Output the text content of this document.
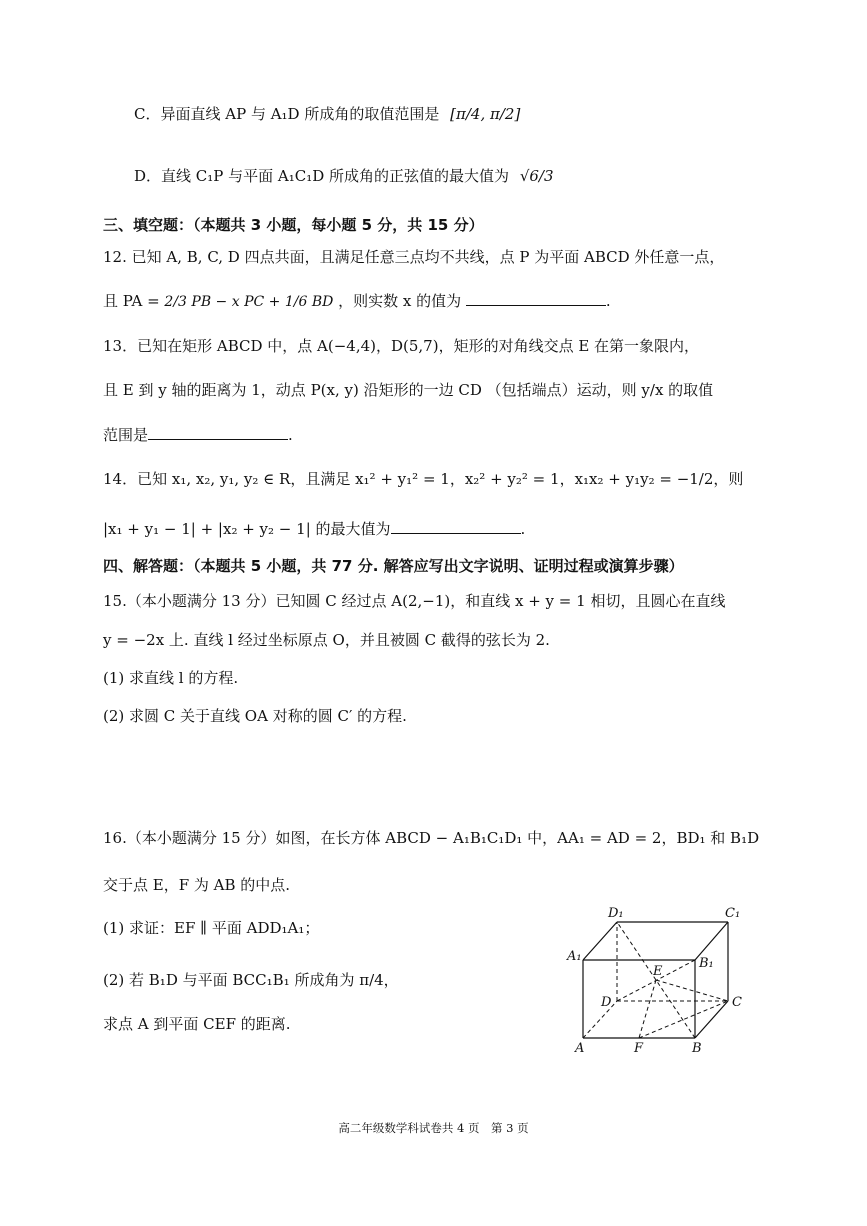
C．异面直线 AP 与 A₁D 所成角的取值范围是 [π/4, π/2]
D．直线 C₁P 与平面 A₁C₁D 所成角的正弦值的最大值为 √6/3
三、填空题：（本题共 3 小题，每小题 5 分，共 15 分）
12. 已知 A, B, C, D 四点共面，且满足任意三点均不共线，点 P 为平面 ABCD 外任意一点，
且 PA = 2/3 PB − x PC + 1/6 BD ，则实数 x 的值为	.
13．已知在矩形 ABCD 中，点 A(−4,4)，D(5,7)，矩形的对角线交点 E 在第一象限内，
且 E 到 y 轴的距离为 1，动点 P(x, y) 沿矩形的一边 CD （包括端点）运动，则 y/x 的取值
范围是	.
14．已知 x₁, x₂, y₁, y₂ ∈ R，且满足 x₁² + y₁² = 1，x₂² + y₂² = 1，x₁x₂ + y₁y₂ = −1/2，则
|x₁ + y₁ − 1| + |x₂ + y₂ − 1| 的最大值为	.
四、解答题：（本题共 5 小题，共 77 分. 解答应写出文字说明、证明过程或演算步骤）
15.（本小题满分 13 分）已知圆 C 经过点 A(2,−1)，和直线 x + y = 1 相切，且圆心在直线
y = −2x 上. 直线 l 经过坐标原点 O，并且被圆 C 截得的弦长为 2.
(1) 求直线 l 的方程.
(2) 求圆 C 关于直线 OA 对称的圆 C′ 的方程.
16.（本小题满分 15 分）如图，在长方体 ABCD − A₁B₁C₁D₁ 中，AA₁ = AD = 2，BD₁ 和 B₁D
交于点 E，F 为 AB 的中点.
(1) 求证：EF ∥ 平面 ADD₁A₁；
(2) 若 B₁D 与平面 BCC₁B₁ 所成角为 π/4，
求点 A 到平面 CEF 的距离.
D₁	C₁
A₁	B₁
E
D	C
A	F	B
高二年级数学科试卷共 4 页　第 3 页
